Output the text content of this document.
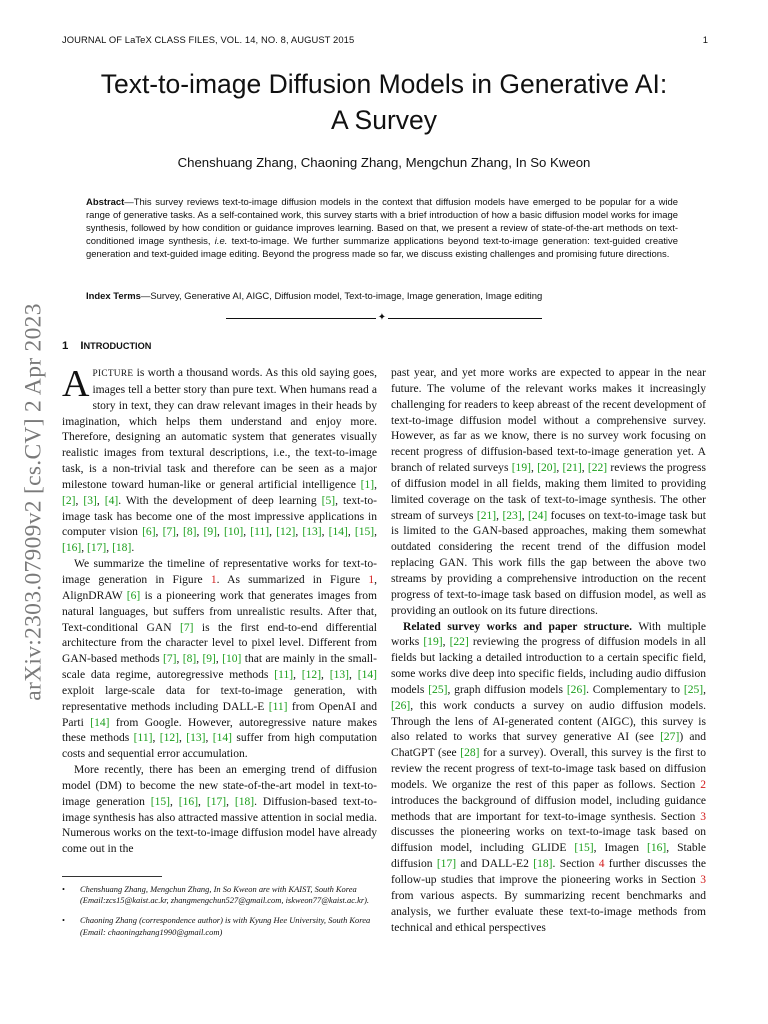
JOURNAL OF LaTeX CLASS FILES, VOL. 14, NO. 8, AUGUST 2015	1
arXiv:2303.07909v2 [cs.CV] 2 Apr 2023
Text-to-image Diffusion Models in Generative AI:
A Survey
Chenshuang Zhang, Chaoning Zhang, Mengchun Zhang, In So Kweon
Abstract—This survey reviews text-to-image diffusion models in the context that diffusion models have emerged to be popular for a wide range of generative tasks. As a self-contained work, this survey starts with a brief introduction of how a basic diffusion model works for image synthesis, followed by how condition or guidance improves learning. Based on that, we present a review of state-of-the-art methods on text-conditioned image synthesis, i.e. text-to-image. We further summarize applications beyond text-to-image generation: text-guided creative generation and text-guided image editing. Beyond the progress made so far, we discuss existing challenges and promising future directions.
Index Terms—Survey, Generative AI, AIGC, Diffusion model, Text-to-image, Image generation, Image editing
✦
1 INTRODUCTION

APICTURE is worth a thousand words. As this old saying goes, images tell a better story than pure text. When humans read a story in text, they can draw relevant images in their heads by imagination, which helps them understand and enjoy more. Therefore, designing an automatic system that generates visually realistic images from textural descriptions, i.e., the text-to-image task, is a non-trivial task and therefore can be seen as a major milestone toward human-like or general artificial intelligence [1], [2], [3], [4]. With the development of deep learning [5], text-to-image task has become one of the most impressive applications in computer vision [6], [7], [8], [9], [10], [11], [12], [13], [14], [15], [16], [17], [18].

We summarize the timeline of representative works for text-to-image generation in Figure 1. As summarized in Figure 1, AlignDRAW [6] is a pioneering work that generates images from natural languages, but suffers from unrealistic results. After that, Text-conditional GAN [7] is the first end-to-end differential architecture from the character level to pixel level. Different from GAN-based methods [7], [8], [9], [10] that are mainly in the small-scale data regime, autoregressive methods [11], [12], [13], [14] exploit large-scale data for text-to-image generation, with representative methods including DALL-E [11] from OpenAI and Parti [14] from Google. However, autoregressive nature makes these methods [11], [12], [13], [14] suffer from high computation costs and sequential error accumulation.

More recently, there has been an emerging trend of diffusion model (DM) to become the new state-of-the-art model in text-to-image generation [15], [16], [17], [18]. Diffusion-based text-to-image synthesis has also attracted massive attention in social media. Numerous works on the text-to-image diffusion model have already come out in the

• Chenshuang Zhang, Mengchun Zhang, In So Kweon are with KAIST, South Korea (Email:zcs15@kaist.ac.kr, zhangmengchun527@gmail.com, iskweon77@kaist.ac.kr).
• Chaoning Zhang (correspondence author) is with Kyung Hee University, South Korea (Email: chaoningzhang1990@gmail.com)

past year, and yet more works are expected to appear in the near future. The volume of the relevant works makes it increasingly challenging for readers to keep abreast of the recent development of text-to-image diffusion model without a comprehensive survey. However, as far as we know, there is no survey work focusing on recent progress of diffusion-based text-to-image generation yet. A branch of related surveys [19], [20], [21], [22] reviews the progress of diffusion model in all fields, making them limited to providing limited coverage on the task of text-to-image synthesis. The other stream of surveys [21], [23], [24] focuses on text-to-image task but is limited to the GAN-based approaches, making them somewhat outdated considering the recent trend of the diffusion model replacing GAN. This work fills the gap between the above two streams by providing a comprehensive introduction on the recent progress of text-to-image task based on diffusion model, as well as providing an outlook on its future directions.

Related survey works and paper structure. With multiple works [19], [22] reviewing the progress of diffusion models in all fields but lacking a detailed introduction to a certain specific field, some works dive deep into specific fields, including audio diffusion models [25], graph diffusion models [26]. Complementary to [25], [26], this work conducts a survey on audio diffusion models. Through the lens of AI-generated content (AIGC), this survey is also related to works that survey generative AI (see [27]) and ChatGPT (see [28] for a survey). Overall, this survey is the first to review the recent progress of text-to-image task based on diffusion models. We organize the rest of this paper as follows. Section 2 introduces the background of diffusion model, including guidance methods that are important for text-to-image synthesis. Section 3 discusses the pioneering works on text-to-image task based on diffusion model, including GLIDE [15], Imagen [16], Stable diffusion [17] and DALL-E2 [18]. Section 4 further discusses the follow-up studies that improve the pioneering works in Section 3 from various aspects. By summarizing recent benchmarks and analysis, we further evaluate these text-to-image methods from technical and ethical perspectives
